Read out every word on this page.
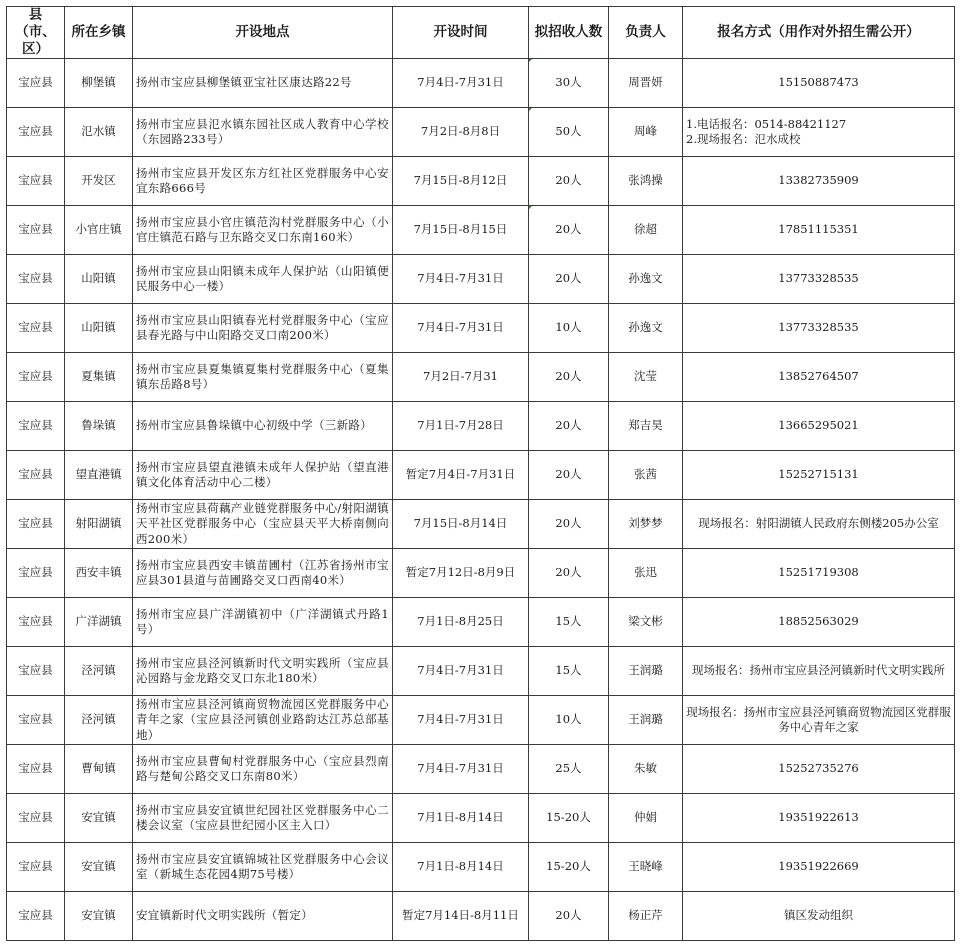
县（市、区）	所在乡镇	开设地点	开设时间	拟招收人数	负责人	报名方式（用作对外招生需公开）
宝应县	柳堡镇	扬州市宝应县柳堡镇亚宝社区康达路22号	7月4日-7月31日	30人	周晋妍	15150887473

宝应县	氾水镇	扬州市宝应县氾水镇东园社区成人教育中心学校（东园路233号）	7月2日-8月8日	50人	周峰	1.电话报名：0514-88421127
2.现场报名：氾水成校

宝应县	开发区	扬州市宝应县开发区东方红社区党群服务中心安宜东路666号	7月15日-8月12日	20人	张鸿操	13382735909

宝应县	小官庄镇	扬州市宝应县小官庄镇范沟村党群服务中心（小官庄镇范石路与卫东路交叉口东南160米）	7月15日-8月15日	20人	徐超	17851115351

宝应县	山阳镇	扬州市宝应县山阳镇未成年人保护站（山阳镇便民服务中心一楼）	7月4日-7月31日	20人	孙逸文	13773328535

宝应县	山阳镇	扬州市宝应县山阳镇春光村党群服务中心（宝应县春光路与中山阳路交叉口南200米）	7月4日-7月31日	10人	孙逸文	13773328535

宝应县	夏集镇	扬州市宝应县夏集镇夏集村党群服务中心（夏集镇东岳路8号）	7月2日-7月31	20人	沈莹	13852764507

宝应县	鲁垛镇	扬州市宝应县鲁垛镇中心初级中学（三新路）	7月1日-7月28日	20人	郑吉昊	13665295021

宝应县	望直港镇	扬州市宝应县望直港镇未成年人保护站（望直港镇文化体育活动中心二楼）	暂定7月4日-7月31日	20人	张茜	15252715131

宝应县	射阳湖镇	扬州市宝应县荷藕产业链党群服务中心/射阳湖镇天平社区党群服务中心（宝应县天平大桥南侧向西200米）	7月15日-8月14日	20人	刘梦梦	现场报名：射阳湖镇人民政府东侧楼205办公室

宝应县	西安丰镇	扬州市宝应县西安丰镇苗圃村（江苏省扬州市宝应县301县道与苗圃路交叉口西南40米）	暂定7月12日-8月9日	20人	张迅	15251719308

宝应县	广洋湖镇	扬州市宝应县广洋湖镇初中（广洋湖镇式丹路1号）	7月1日-8月25日	15人	梁文彬	18852563029

宝应县	泾河镇	扬州市宝应县泾河镇新时代文明实践所（宝应县沁园路与金龙路交叉口东北180米）	7月4日-7月31日	15人	王润璐	现场报名：扬州市宝应县泾河镇新时代文明实践所

宝应县	泾河镇	扬州市宝应县泾河镇商贸物流园区党群服务中心青年之家（宝应县泾河镇创业路韵达江苏总部基地）	7月4日-7月31日	10人	王润璐	现场报名：扬州市宝应县泾河镇商贸物流园区党群服务中心青年之家

宝应县	曹甸镇	扬州市宝应县曹甸村党群服务中心（宝应县烈南路与楚甸公路交叉口东南80米）	7月4日-7月31日	25人	朱敏	15252735276

宝应县	安宜镇	扬州市宝应县安宜镇世纪园社区党群服务中心二楼会议室（宝应县世纪园小区主入口）	7月1日-8月14日	15-20人	仲娟	19351922613

宝应县	安宜镇	扬州市宝应县安宜镇锦城社区党群服务中心会议室（新城生态花园4期75号楼）	7月1日-8月14日	15-20人	王晓峰	19351922669

宝应县	安宜镇	安宜镇新时代文明实践所（暂定）	暂定7月14日-8月11日	20人	杨正芹	镇区发动组织
